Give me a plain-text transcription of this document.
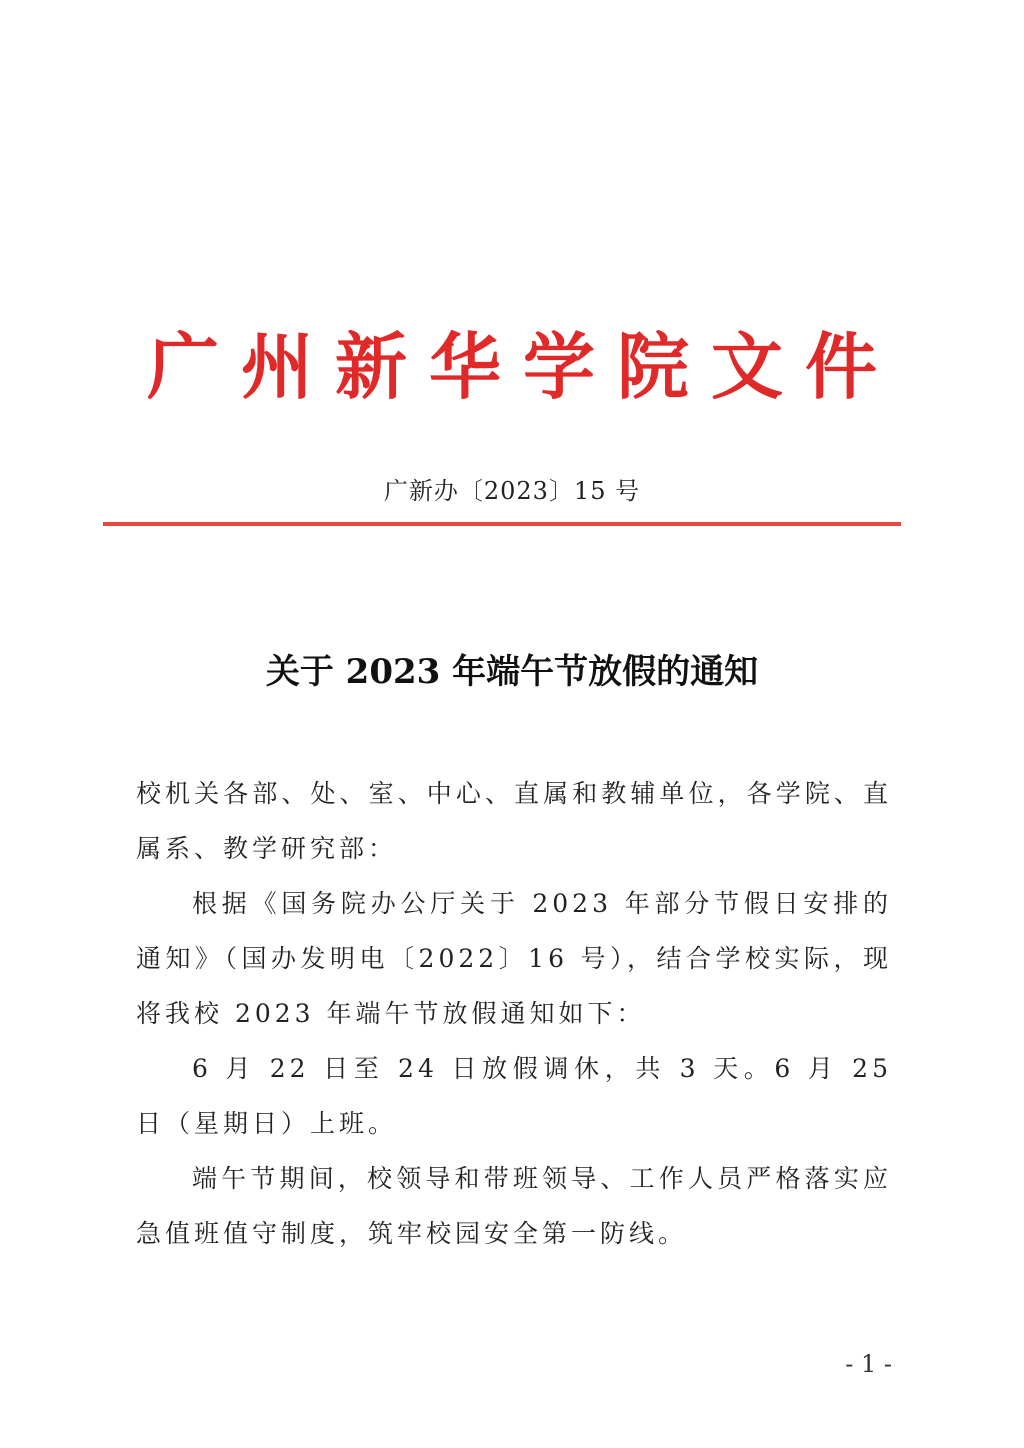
广州新华学院文件
广新办〔2023〕15 号
关于 2023 年端午节放假的通知

校机关各部、处、室、中心、直属和教辅单位，各学院、直属系、教学研究部：

根据《国务院办公厅关于 2023 年部分节假日安排的通知》（国办发明电〔2022〕16 号），结合学校实际，现将我校 2023 年端午节放假通知如下：

6 月 22 日至 24 日放假调休，共 3 天。6 月 25 日（星期日）上班。

端午节期间，校领导和带班领导、工作人员严格落实应急值班值守制度，筑牢校园安全第一防线。

- 1 -
